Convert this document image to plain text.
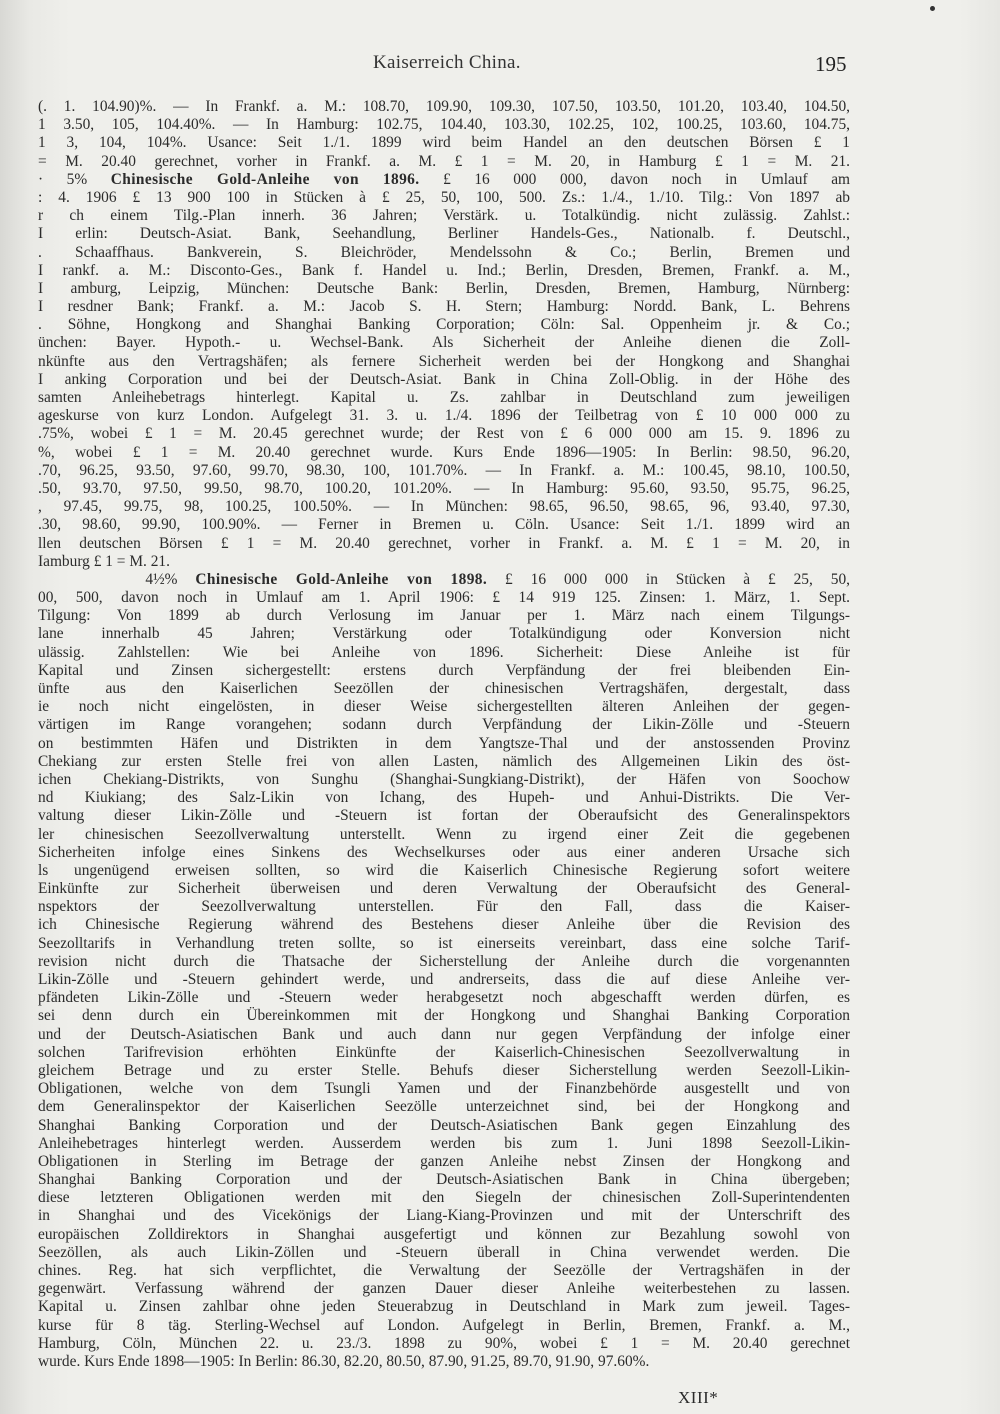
Kaiserreich China.	195
(. 1. 104.90)%. — In Frankf. a. M.: 108.70, 109.90, 109.30, 107.50, 103.50, 101.20, 103.40, 104.50,
1 3.50, 105, 104.40%. — In Hamburg: 102.75, 104.40, 103.30, 102.25, 102, 100.25, 103.60, 104.75,
1 3, 104, 104%. Usance: Seit 1./1. 1899 wird beim Handel an den deutschen Börsen £ 1
= M. 20.40 gerechnet, vorher in Frankf. a. M. £ 1 = M. 20, in Hamburg £ 1 = M. 21.
· 5% Chinesische Gold-Anleihe von 1896. £ 16 000 000, davon noch in Umlauf am
: 4. 1906 £ 13 900 100 in Stücken à £ 25, 50, 100, 500. Zs.: 1./4., 1./10. Tilg.: Von 1897 ab
r ch einem Tilg.-Plan innerh. 36 Jahren; Verstärk. u. Totalkündig. nicht zulässig. Zahlst.:
I erlin: Deutsch-Asiat. Bank, Seehandlung, Berliner Handels-Ges., Nationalb. f. Deutschl.,
. Schaaffhaus. Bankverein, S. Bleichröder, Mendelssohn & Co.; Berlin, Bremen und
I rankf. a. M.: Disconto-Ges., Bank f. Handel u. Ind.; Berlin, Dresden, Bremen, Frankf. a. M.,
I amburg, Leipzig, München: Deutsche Bank: Berlin, Dresden, Bremen, Hamburg, Nürnberg:
I resdner Bank; Frankf. a. M.: Jacob S. H. Stern; Hamburg: Nordd. Bank, L. Behrens
. Söhne, Hongkong and Shanghai Banking Corporation; Cöln: Sal. Oppenheim jr. & Co.;
ünchen: Bayer. Hypoth.- u. Wechsel-Bank. Als Sicherheit der Anleihe dienen die Zoll-
nkünfte aus den Vertragshäfen; als fernere Sicherheit werden bei der Hongkong and Shanghai
I anking Corporation und bei der Deutsch-Asiat. Bank in China Zoll-Oblig. in der Höhe des
samten Anleihebetrags hinterlegt. Kapital u. Zs. zahlbar in Deutschland zum jeweiligen
ageskurse von kurz London. Aufgelegt 31. 3. u. 1./4. 1896 der Teilbetrag von £ 10 000 000 zu
.75%, wobei £ 1 = M. 20.45 gerechnet wurde; der Rest von £ 6 000 000 am 15. 9. 1896 zu
%, wobei £ 1 = M. 20.40 gerechnet wurde. Kurs Ende 1896—1905: In Berlin: 98.50, 96.20,
.70, 96.25, 93.50, 97.60, 99.70, 98.30, 100, 101.70%. — In Frankf. a. M.: 100.45, 98.10, 100.50,
.50, 93.70, 97.50, 99.50, 98.70, 100.20, 101.20%. — In Hamburg: 95.60, 93.50, 95.75, 96.25,
, 97.45, 99.75, 98, 100.25, 100.50%. — In München: 98.65, 96.50, 98.65, 96, 93.40, 97.30,
.30, 98.60, 99.90, 100.90%. — Ferner in Bremen u. Cöln. Usance: Seit 1./1. 1899 wird an
llen deutschen Börsen £ 1 = M. 20.40 gerechnet, vorher in Frankf. a. M. £ 1 = M. 20, in
Iamburg £ 1 = M. 21.
4½% Chinesische Gold-Anleihe von 1898. £ 16 000 000 in Stücken à £ 25, 50,
00, 500, davon noch in Umlauf am 1. April 1906: £ 14 919 125. Zinsen: 1. März, 1. Sept.
Tilgung: Von 1899 ab durch Verlosung im Januar per 1. März nach einem Tilgungs-
lane innerhalb 45 Jahren; Verstärkung oder Totalkündigung oder Konversion nicht
ulässig. Zahlstellen: Wie bei Anleihe von 1896. Sicherheit: Diese Anleihe ist für
Kapital und Zinsen sichergestellt: erstens durch Verpfändung der frei bleibenden Ein-
ünfte aus den Kaiserlichen Seezöllen der chinesischen Vertragshäfen, dergestalt, dass
ie noch nicht eingelösten, in dieser Weise sichergestellten älteren Anleihen der gegen-
värtigen im Range vorangehen; sodann durch Verpfändung der Likin-Zölle und -Steuern
on bestimmten Häfen und Distrikten in dem Yangtsze-Thal und der anstossenden Provinz
Chekiang zur ersten Stelle frei von allen Lasten, nämlich des Allgemeinen Likin des öst-
ichen Chekiang-Distrikts, von Sunghu (Shanghai-Sungkiang-Distrikt), der Häfen von Soochow
nd Kiukiang; des Salz-Likin von Ichang, des Hupeh- und Anhui-Distrikts. Die Ver-
valtung dieser Likin-Zölle und -Steuern ist fortan der Oberaufsicht des Generalinspektors
ler chinesischen Seezollverwaltung unterstellt. Wenn zu irgend einer Zeit die gegebenen
Sicherheiten infolge eines Sinkens des Wechselkurses oder aus einer anderen Ursache sich
ls ungenügend erweisen sollten, so wird die Kaiserlich Chinesische Regierung sofort weitere
Einkünfte zur Sicherheit überweisen und deren Verwaltung der Oberaufsicht des General-
nspektors der Seezollverwaltung unterstellen. Für den Fall, dass die Kaiser-
ich Chinesische Regierung während des Bestehens dieser Anleihe über die Revision des
Seezolltarifs in Verhandlung treten sollte, so ist einerseits vereinbart, dass eine solche Tarif-
revision nicht durch die Thatsache der Sicherstellung der Anleihe durch die vorgenannten
Likin-Zölle und -Steuern gehindert werde, und andrerseits, dass die auf diese Anleihe ver-
pfändeten Likin-Zölle und -Steuern weder herabgesetzt noch abgeschafft werden dürfen, es
sei denn durch ein Übereinkommen mit der Hongkong und Shanghai Banking Corporation
und der Deutsch-Asiatischen Bank und auch dann nur gegen Verpfändung der infolge einer
solchen Tarifrevision erhöhten Einkünfte der Kaiserlich-Chinesischen Seezollverwaltung in
gleichem Betrage und zu erster Stelle. Behufs dieser Sicherstellung werden Seezoll-Likin-
Obligationen, welche von dem Tsungli Yamen und der Finanzbehörde ausgestellt und von
dem Generalinspektor der Kaiserlichen Seezölle unterzeichnet sind, bei der Hongkong and
Shanghai Banking Corporation und der Deutsch-Asiatischen Bank gegen Einzahlung des
Anleihebetrages hinterlegt werden. Ausserdem werden bis zum 1. Juni 1898 Seezoll-Likin-
Obligationen in Sterling im Betrage der ganzen Anleihe nebst Zinsen der Hongkong and
Shanghai Banking Corporation und der Deutsch-Asiatischen Bank in China übergeben;
diese letzteren Obligationen werden mit den Siegeln der chinesischen Zoll-Superintendenten
in Shanghai und des Vicekönigs der Liang-Kiang-Provinzen und mit der Unterschrift des
europäischen Zolldirektors in Shanghai ausgefertigt und können zur Bezahlung sowohl von
Seezöllen, als auch Likin-Zöllen und -Steuern überall in China verwendet werden. Die
chines. Reg. hat sich verpflichtet, die Verwaltung der Seezölle der Vertragshäfen in der
gegenwärt. Verfassung während der ganzen Dauer dieser Anleihe weiterbestehen zu lassen.
Kapital u. Zinsen zahlbar ohne jeden Steuerabzug in Deutschland in Mark zum jeweil. Tages-
kurse für 8 täg. Sterling-Wechsel auf London. Aufgelegt in Berlin, Bremen, Frankf. a. M.,
Hamburg, Cöln, München 22. u. 23./3. 1898 zu 90%, wobei £ 1 = M. 20.40 gerechnet
wurde. Kurs Ende 1898—1905: In Berlin: 86.30, 82.20, 80.50, 87.90, 91.25, 89.70, 91.90, 97.60%.
XIII*
